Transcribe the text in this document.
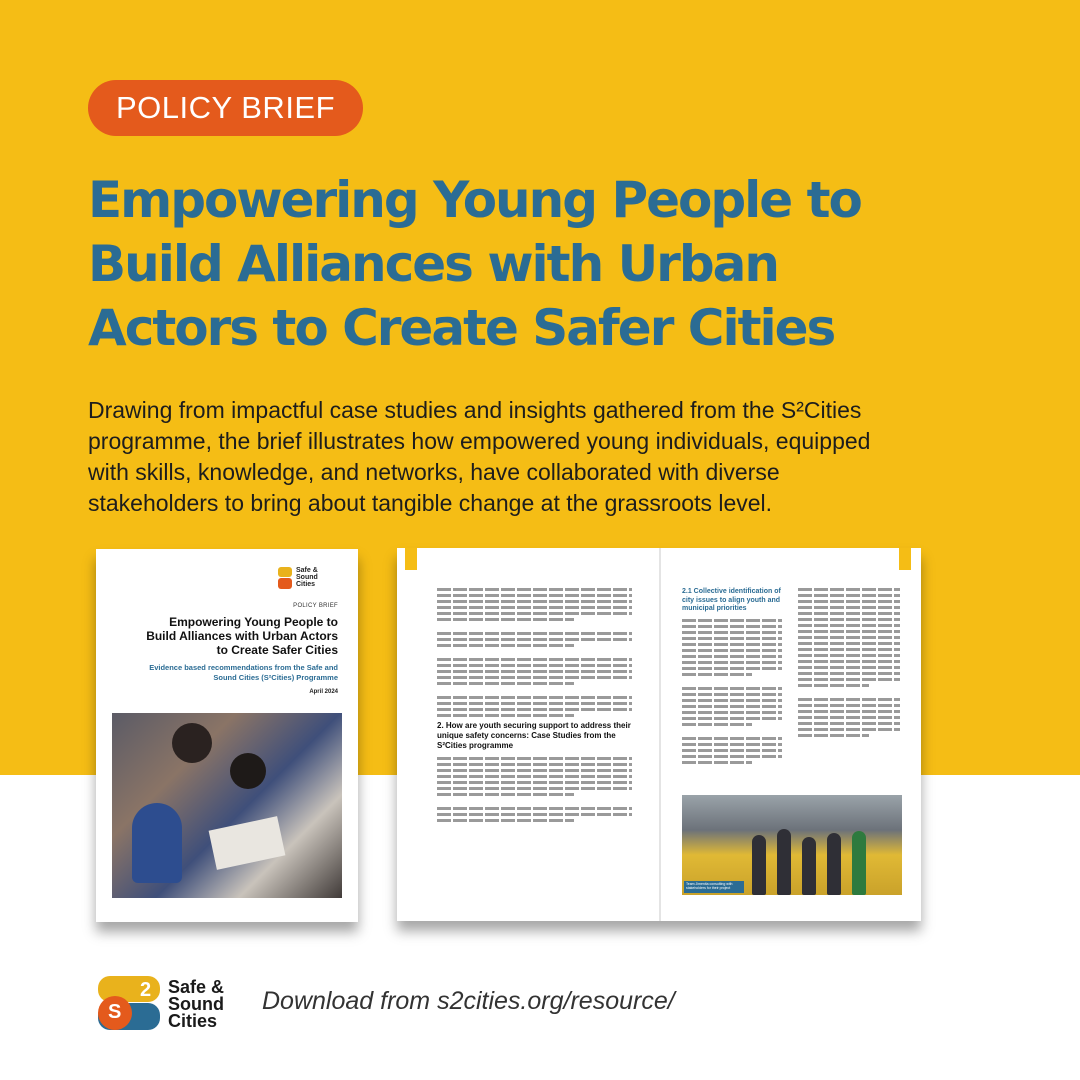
POLICY BRIEF
Empowering Young People to
Build Alliances with Urban
Actors to Create Safer Cities

Drawing from impactful case studies and insights gathered from the S²Cities
programme, the brief illustrates how empowered young individuals, equipped
with skills, knowledge, and networks, have collaborated with diverse
stakeholders to bring about tangible change at the grassroots level.

Safe &
Sound
Cities
POLICY BRIEF
Empowering Young People to
Build Alliances with Urban Actors
to Create Safer Cities
Evidence based recommendations from the Safe and
Sound Cities (S²Cities) Programme
April 2024
2. How are youth securing support to address their unique safety concerns: Case Studies from the S²Cities programme
2.1 Collective identification of city issues to align youth and municipal priorities
Team Jimenita consulting with stakeholders for their project
S
2 Safe &
Sound
Cities
Download from s2cities.org/resource/
